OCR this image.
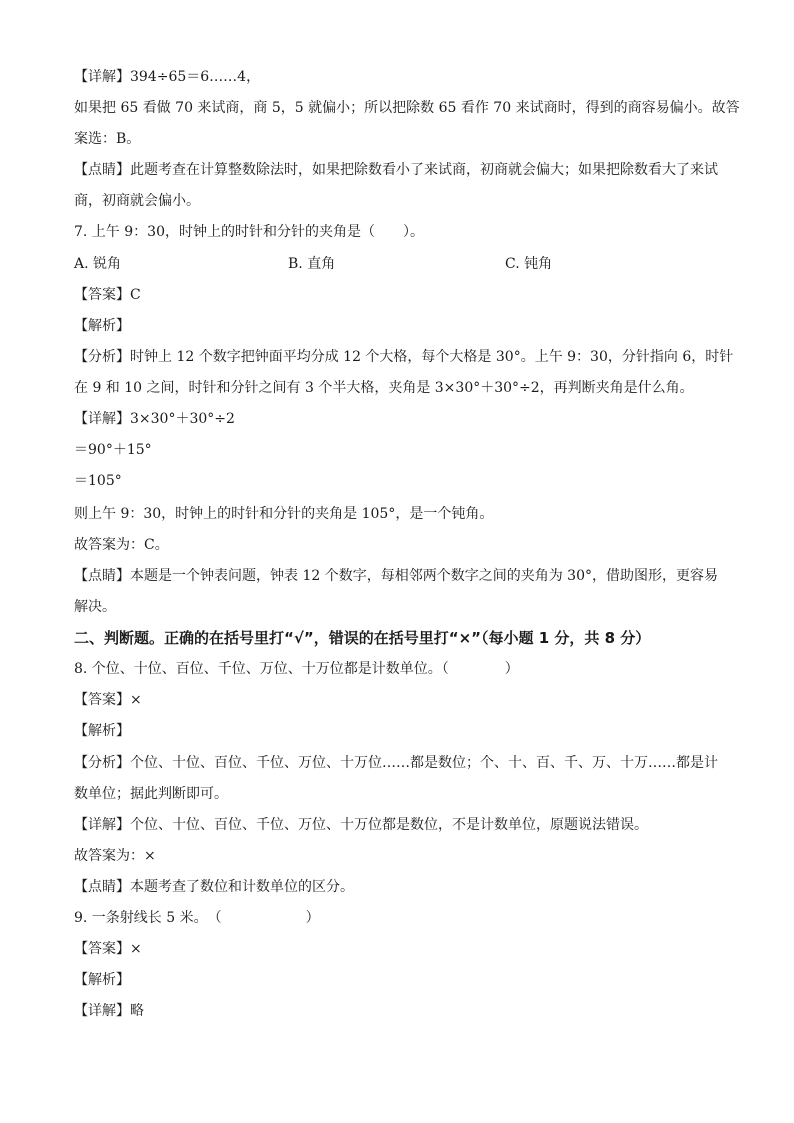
【详解】394÷65＝6……4，
如果把 65 看做 70 来试商，商 5，5 就偏小；所以把除数 65 看作 70 来试商时，得到的商容易偏小。故答
案选：B。
【点睛】此题考查在计算整数除法时，如果把除数看小了来试商，初商就会偏大；如果把除数看大了来试
商，初商就会偏小。
7. 上午 9：30，时钟上的时针和分针的夹角是（　　）。
A. 锐角	B. 直角	C. 钝角
【答案】C
【解析】
【分析】时钟上 12 个数字把钟面平均分成 12 个大格，每个大格是 30°。上午 9：30，分针指向 6，时针
在 9 和 10 之间，时针和分针之间有 3 个半大格，夹角是 3×30°＋30°÷2，再判断夹角是什么角。
【详解】3×30°＋30°÷2
＝90°＋15°
＝105°
则上午 9：30，时钟上的时针和分针的夹角是 105°，是一个钝角。
故答案为：C。
【点睛】本题是一个钟表问题，钟表 12 个数字，每相邻两个数字之间的夹角为 30°，借助图形，更容易
解决。
二、判断题。正确的在括号里打“√”，错误的在括号里打“×”（每小题 1 分，共 8 分）
8. 个位、十位、百位、千位、万位、十万位都是计数单位。（　　　　）
【答案】×
【解析】
【分析】个位、十位、百位、千位、万位、十万位……都是数位；个、十、百、千、万、十万……都是计
数单位；据此判断即可。
【详解】个位、十位、百位、千位、万位、十万位都是数位，不是计数单位，原题说法错误。
故答案为：×
【点睛】本题考查了数位和计数单位的区分。
9. 一条射线长 5 米。　（　　　　　　）
【答案】×
【解析】
【详解】略
